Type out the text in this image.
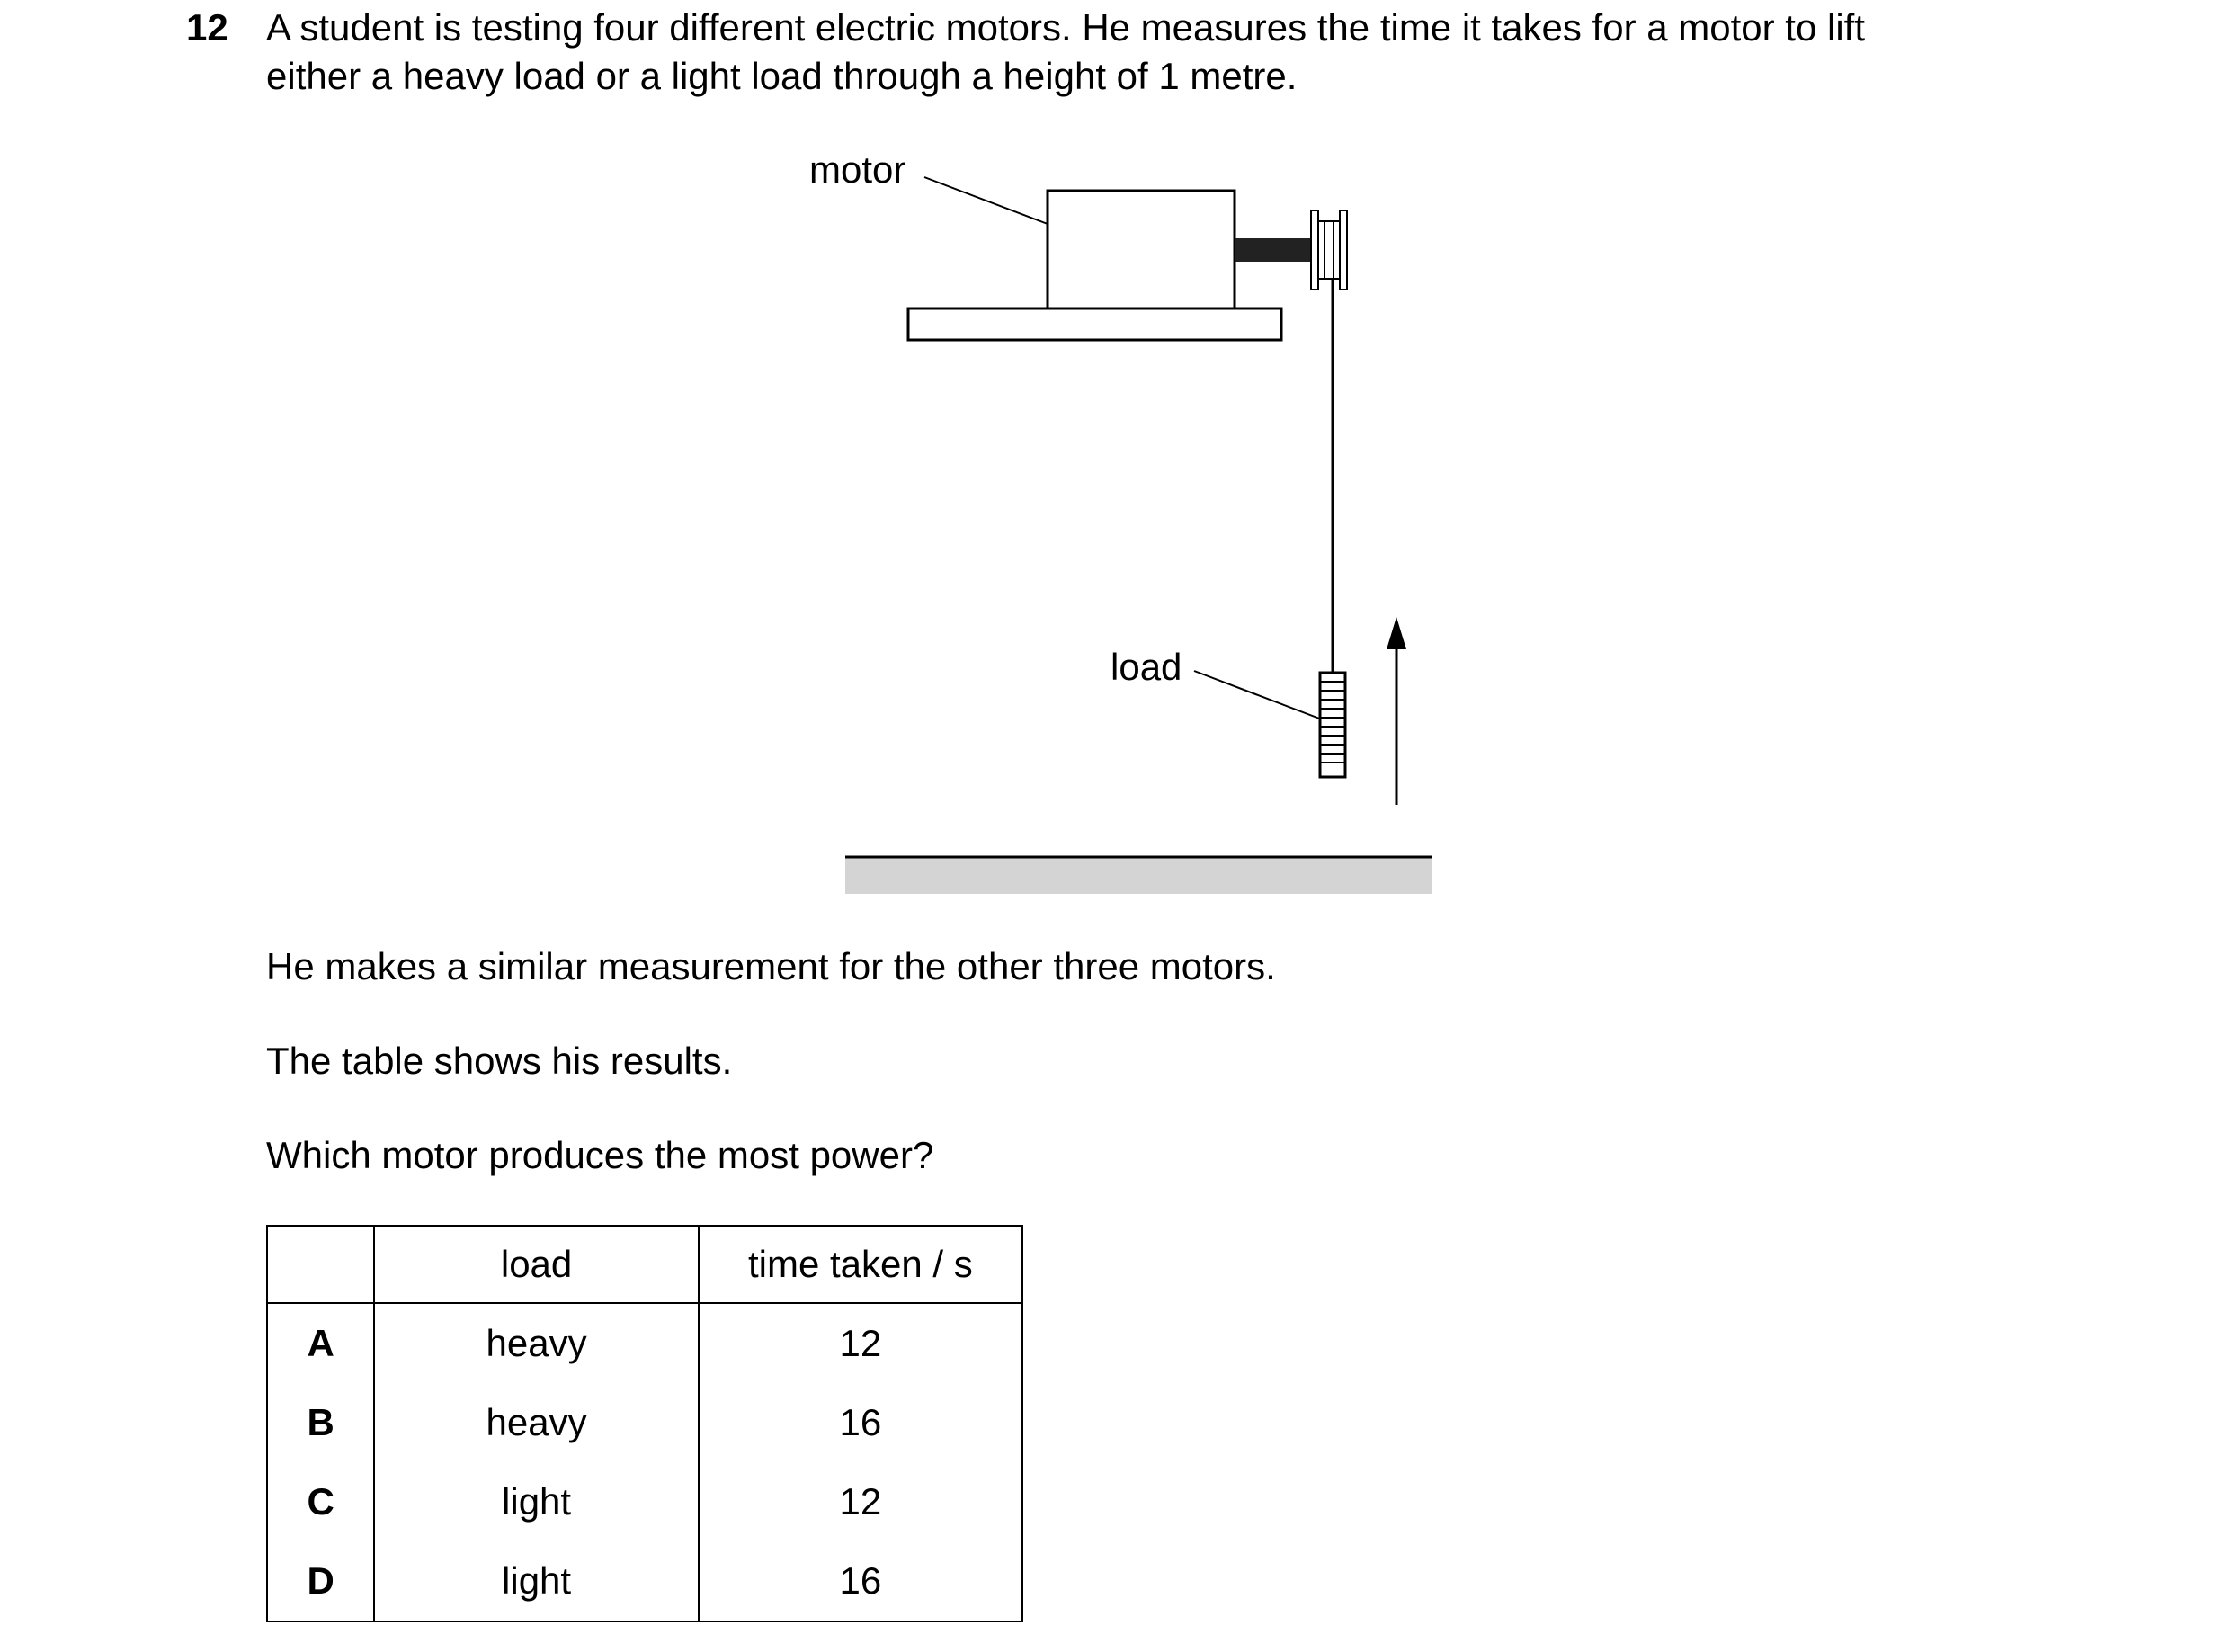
12 A student is testing four different electric motors. He measures the time it takes for a motor to lift
either a heavy load or a light load through a height of 1 metre.
motor
load
He makes a similar measurement for the other three motors.
The table shows his results.
Which motor produces the most power?
	load	time taken / s
A	heavy	12
B	heavy	16
C	light	12
D	light	16
